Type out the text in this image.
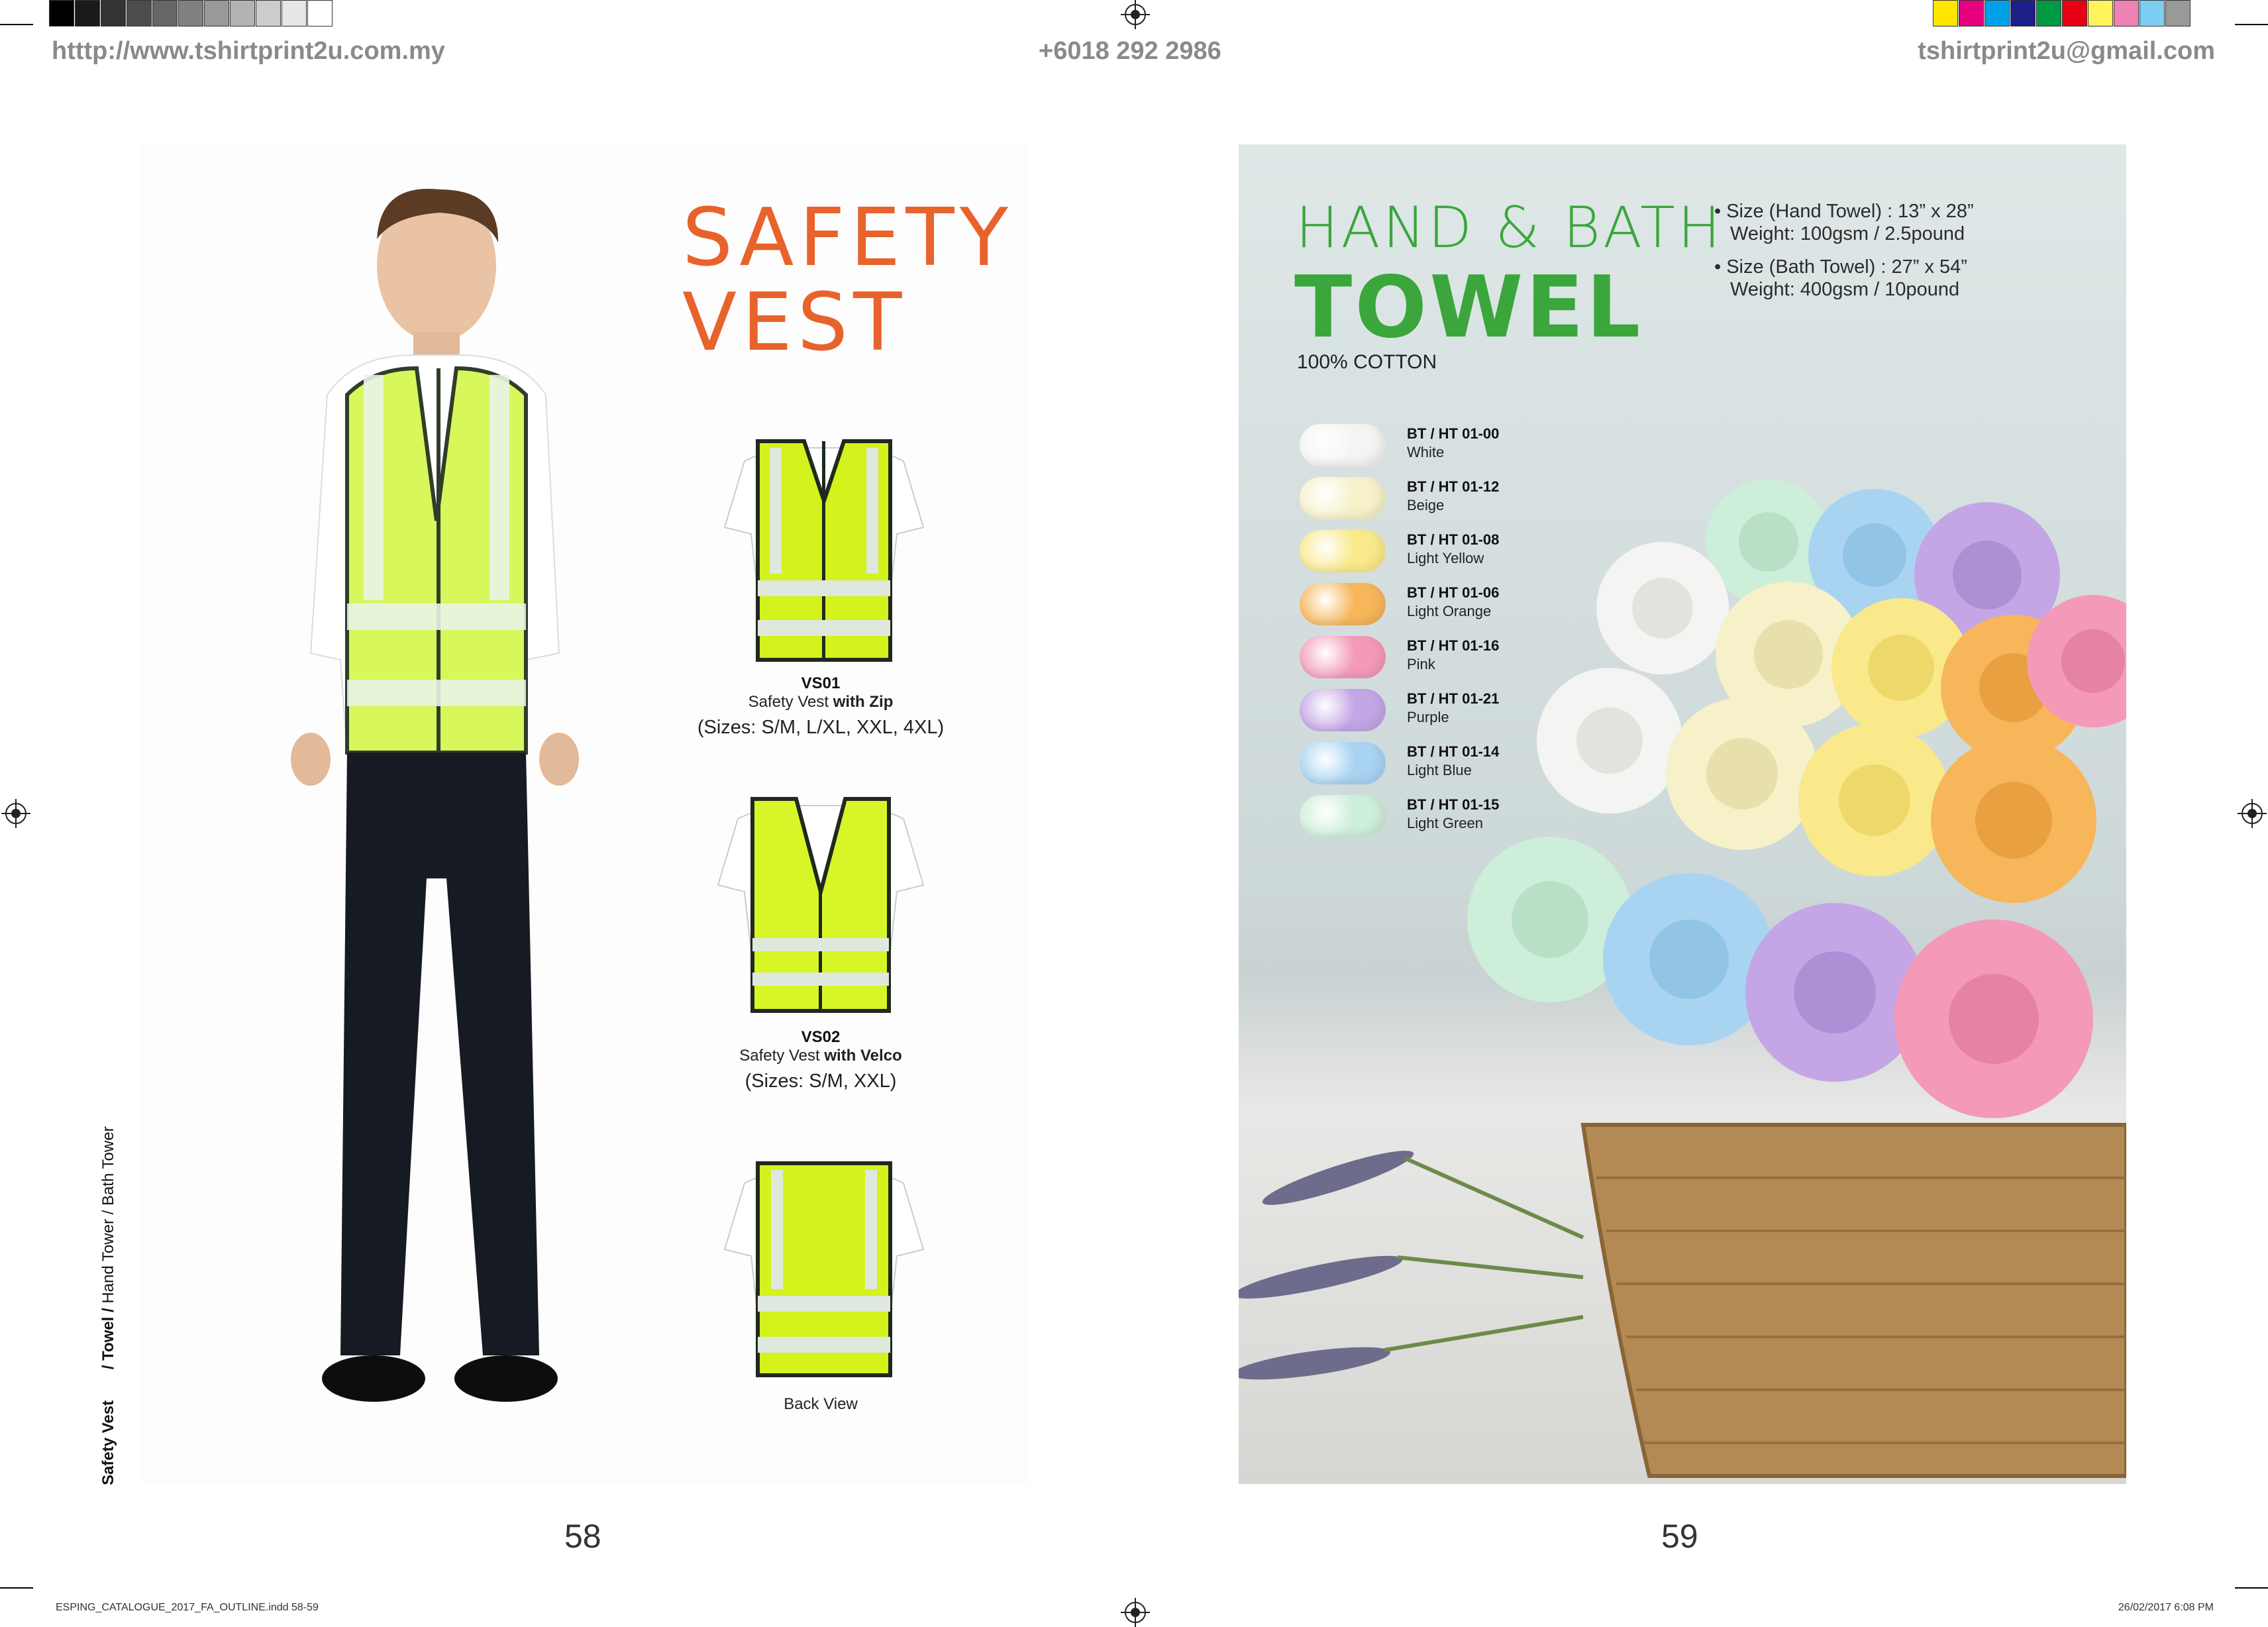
htttp://www.tshirtprint2u.com.my	+6018 292 2986	tshirtprint2u@gmail.com
SAFETY
VEST
VS01
Safety Vest with Zip
(Sizes: S/M, L/XL, XXL, 4XL)
VS02
Safety Vest with Velco
(Sizes: S/M, XXL)
Back View
Safety Vest       / Towel / Hand Tower / Bath Tower
58
HAND & BATH
TOWEL
100% COTTON
• Size (Hand Towel) : 13” x 28”
Weight: 100gsm / 2.5pound
• Size (Bath Towel) : 27” x 54”
Weight: 400gsm / 10pound
BT / HT 01-00
White
BT / HT 01-12
Beige
BT / HT 01-08
Light Yellow
BT / HT 01-06
Light Orange
BT / HT 01-16
Pink
BT / HT 01-21
Purple
BT / HT 01-14
Light Blue
BT / HT 01-15
Light Green
59
ESPING_CATALOGUE_2017_FA_OUTLINE.indd 58-59	26/02/2017 6:08 PM
